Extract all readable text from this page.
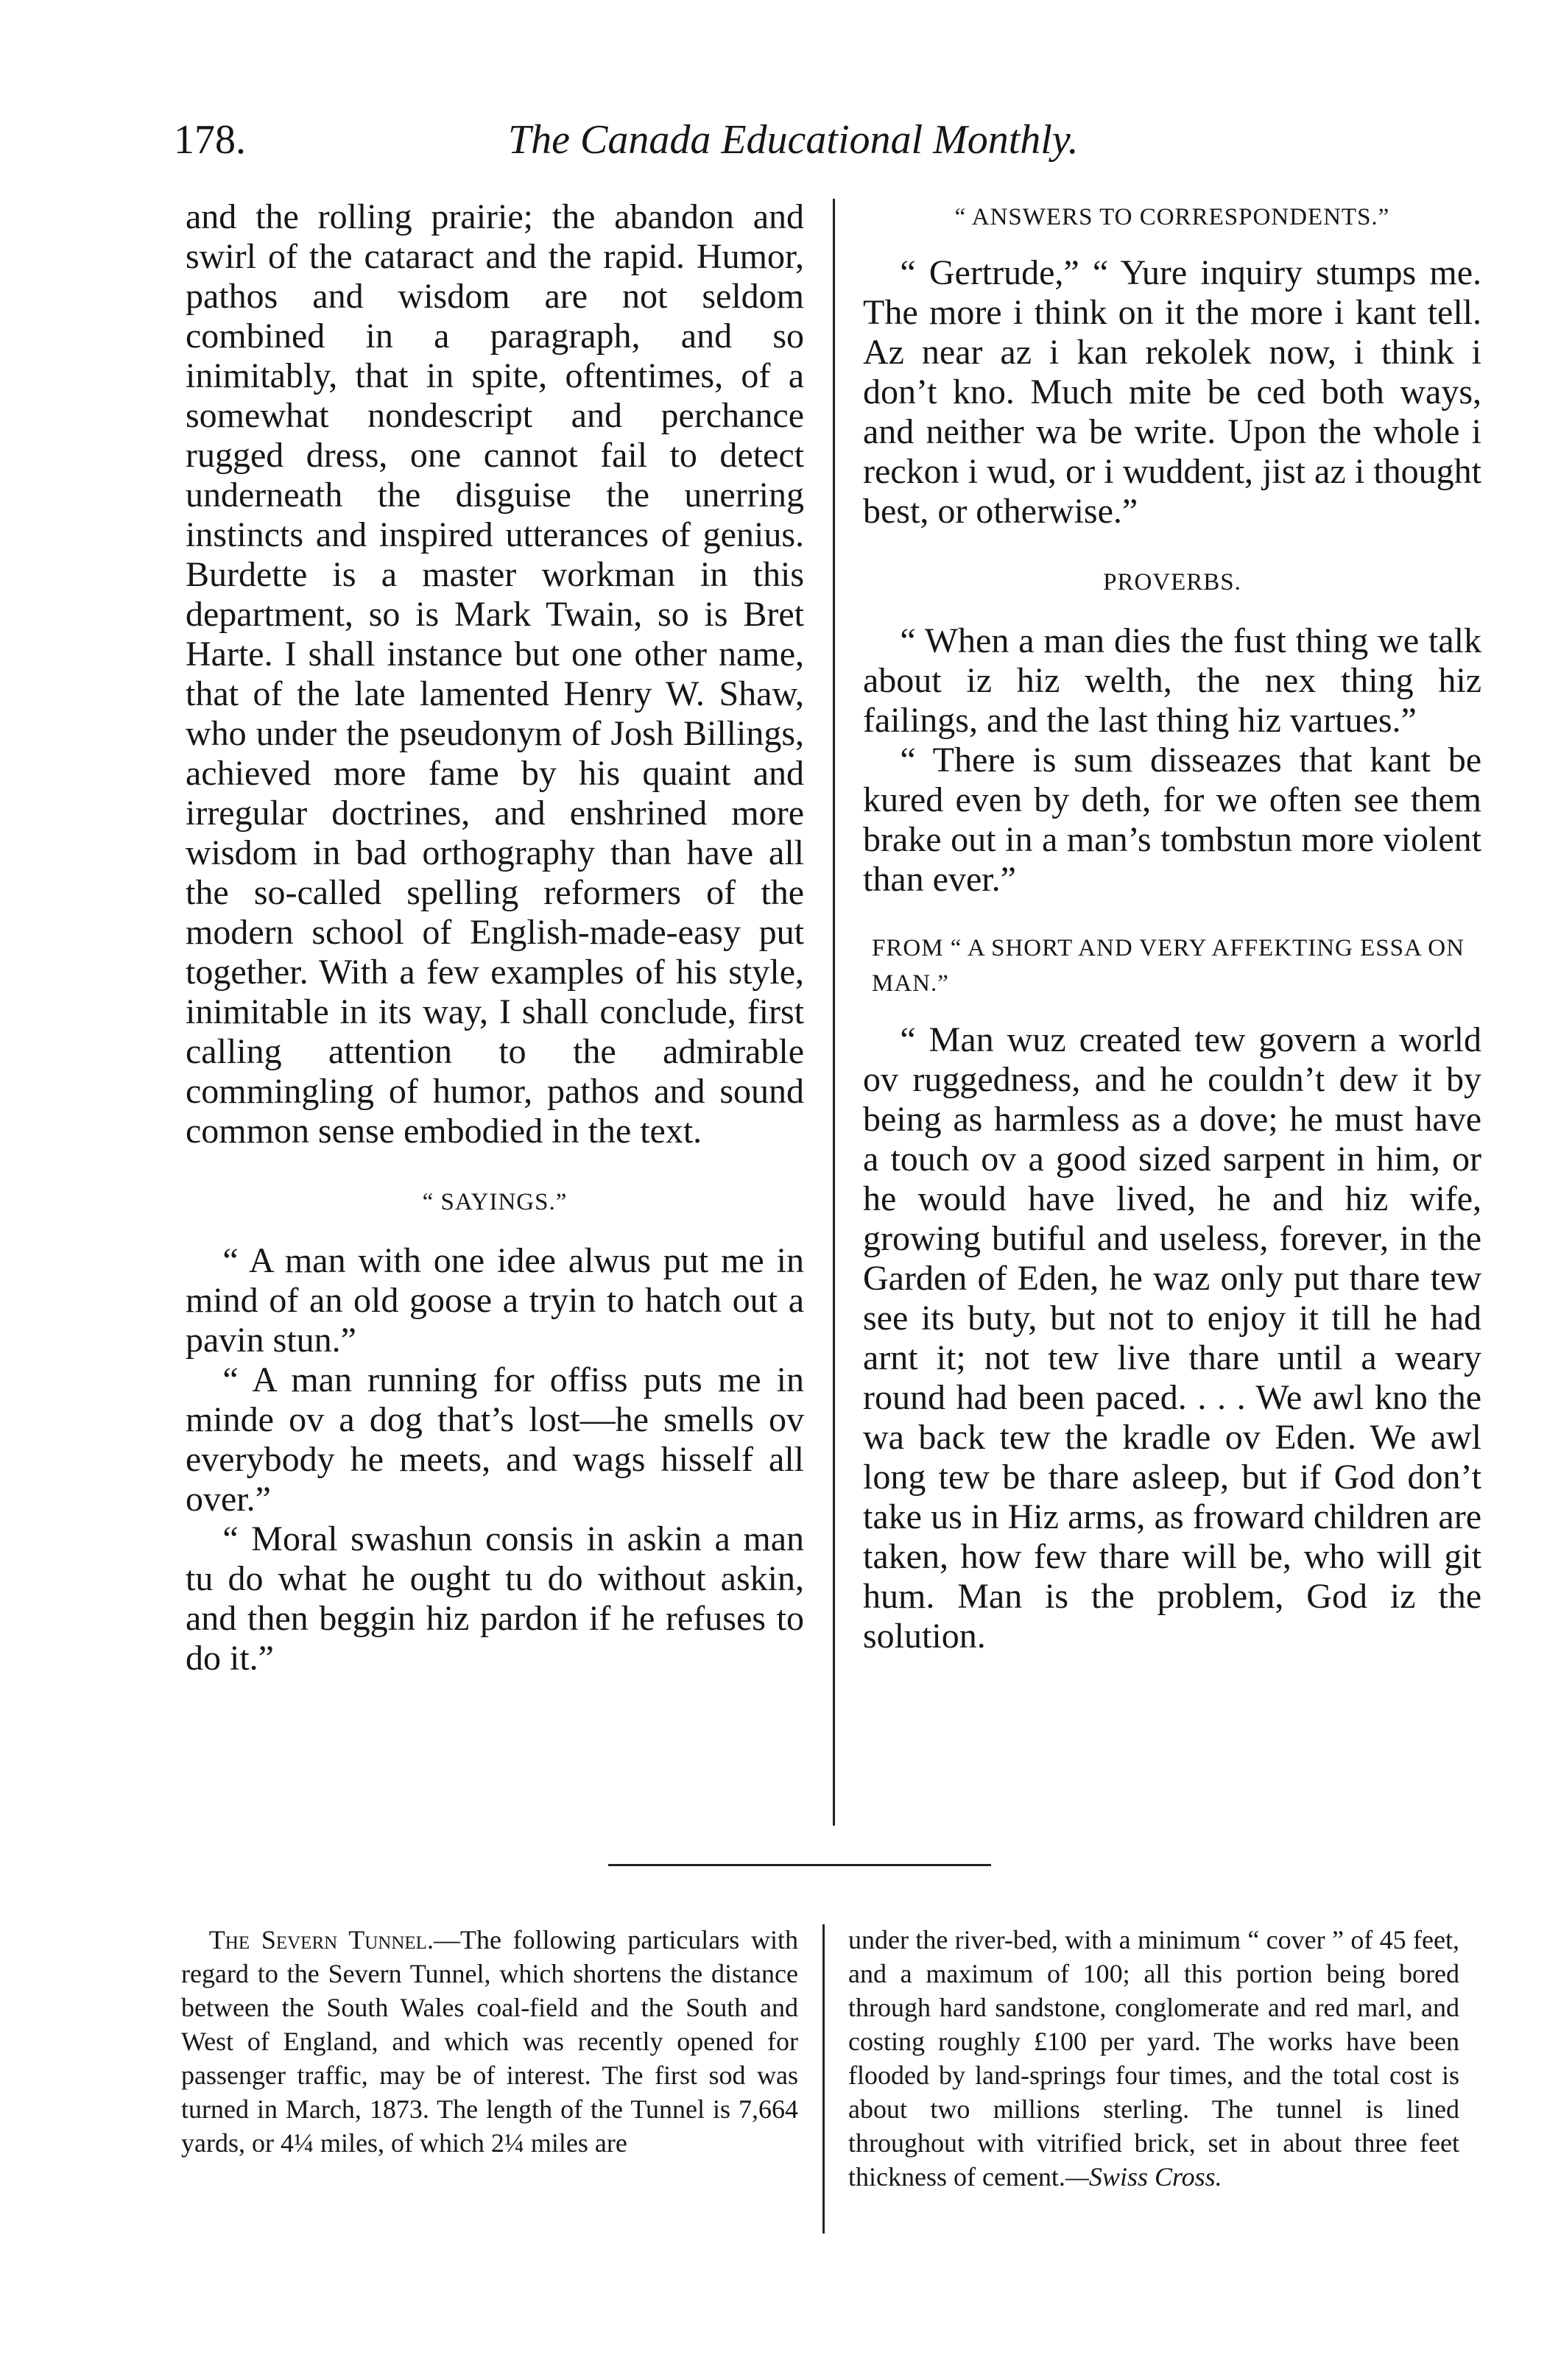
178.	The Canada Educational Monthly.

and the rolling prairie; the abandon and swirl of the cataract and the rapid. Humor, pathos and wisdom are not seldom combined in a paragraph, and so inimitably, that in spite, oftentimes, of a somewhat nondescript and perchance rugged dress, one cannot fail to detect underneath the disguise the unerring instincts and inspired utterances of genius. Burdette is a master workman in this department, so is Mark Twain, so is Bret Harte. I shall instance but one other name, that of the late lamented Henry W. Shaw, who under the pseudonym of Josh Billings, achieved more fame by his quaint and irregular doctrines, and enshrined more wisdom in bad orthography than have all the so-called spelling reformers of the modern school of English-made-easy put together. With a few examples of his style, inimitable in its way, I shall conclude, first calling attention to the admirable commingling of humor, pathos and sound common sense embodied in the text.

“ SAYINGS.”

“ A man with one idee alwus put me in mind of an old goose a tryin to hatch out a pavin stun.”

“ A man running for offiss puts me in minde ov a dog that’s lost—he smells ov everybody he meets, and wags hisself all over.”

“ Moral swashun consis in askin a man tu do what he ought tu do without askin, and then beggin hiz pardon if he refuses to do it.”

“ ANSWERS TO CORRESPONDENTS.”

“ Gertrude,” “ Yure inquiry stumps me. The more i think on it the more i kant tell. Az near az i kan rekolek now, i think i don’t kno. Much mite be ced both ways, and neither wa be write. Upon the whole i reckon i wud, or i wuddent, jist az i thought best, or otherwise.”

PROVERBS.

“ When a man dies the fust thing we talk about iz hiz welth, the nex thing hiz failings, and the last thing hiz vartues.”

“ There is sum disseazes that kant be kured even by deth, for we often see them brake out in a man’s tombstun more violent than ever.”

FROM “ A SHORT AND VERY AFFEKTING ESSA ON MAN.”

“ Man wuz created tew govern a world ov ruggedness, and he couldn’t dew it by being as harmless as a dove; he must have a touch ov a good sized sarpent in him, or he would have lived, he and hiz wife, growing butiful and useless, forever, in the Garden of Eden, he waz only put thare tew see its buty, but not to enjoy it till he had arnt it; not tew live thare until a weary round had been paced. . . . We awl kno the wa back tew the kradle ov Eden. We awl long tew be thare asleep, but if God don’t take us in Hiz arms, as froward children are taken, how few thare will be, who will git hum. Man is the problem, God iz the solution.

The Severn Tunnel.—The following particulars with regard to the Severn Tunnel, which shortens the distance between the South Wales coal-field and the South and West of England, and which was recently opened for passenger traffic, may be of interest. The first sod was turned in March, 1873. The length of the Tunnel is 7,664 yards, or 4¼ miles, of which 2¼ miles are

under the river-bed, with a minimum “ cover ” of 45 feet, and a maximum of 100; all this portion being bored through hard sandstone, conglomerate and red marl, and costing roughly £100 per yard. The works have been flooded by land-springs four times, and the total cost is about two millions sterling. The tunnel is lined throughout with vitrified brick, set in about three feet thickness of cement.—Swiss Cross.
